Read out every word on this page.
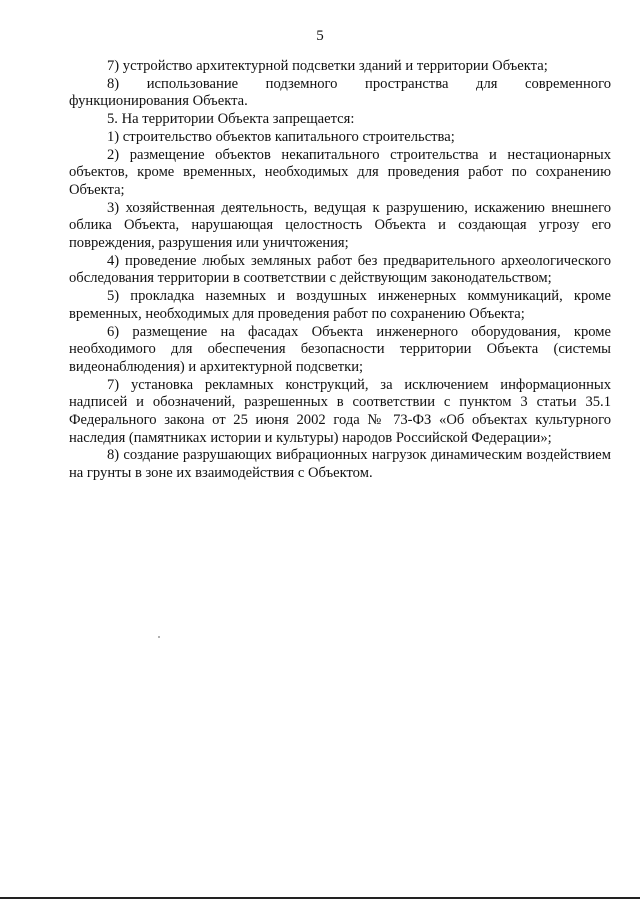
5

7) устройство архитектурной подсветки зданий и территории Объекта;

8) использование подземного пространства для современного функционирования Объекта.

5. На территории Объекта запрещается:

1) строительство объектов капитального строительства;

2) размещение объектов некапитального строительства и нестационарных объектов, кроме временных, необходимых для проведения работ по сохранению Объекта;

3) хозяйственная деятельность, ведущая к разрушению, искажению внешнего облика Объекта, нарушающая целостность Объекта и создающая угрозу его повреждения, разрушения или уничтожения;

4) проведение любых земляных работ без предварительного археологического обследования территории в соответствии с действующим законодательством;

5) прокладка наземных и воздушных инженерных коммуникаций, кроме временных, необходимых для проведения работ по сохранению Объекта;

6) размещение на фасадах Объекта инженерного оборудования, кроме необходимого для обеспечения безопасности территории Объекта (системы видеонаблюдения) и архитектурной подсветки;

7) установка рекламных конструкций, за исключением информационных надписей и обозначений, разрешенных в соответствии с пунктом 3 статьи 35.1 Федерального закона от 25 июня 2002 года № 73-ФЗ «Об объектах культурного наследия (памятниках истории и культуры) народов Российской Федерации»;

8) создание разрушающих вибрационных нагрузок динамическим воздействием на грунты в зоне их взаимодействия с Объектом.
